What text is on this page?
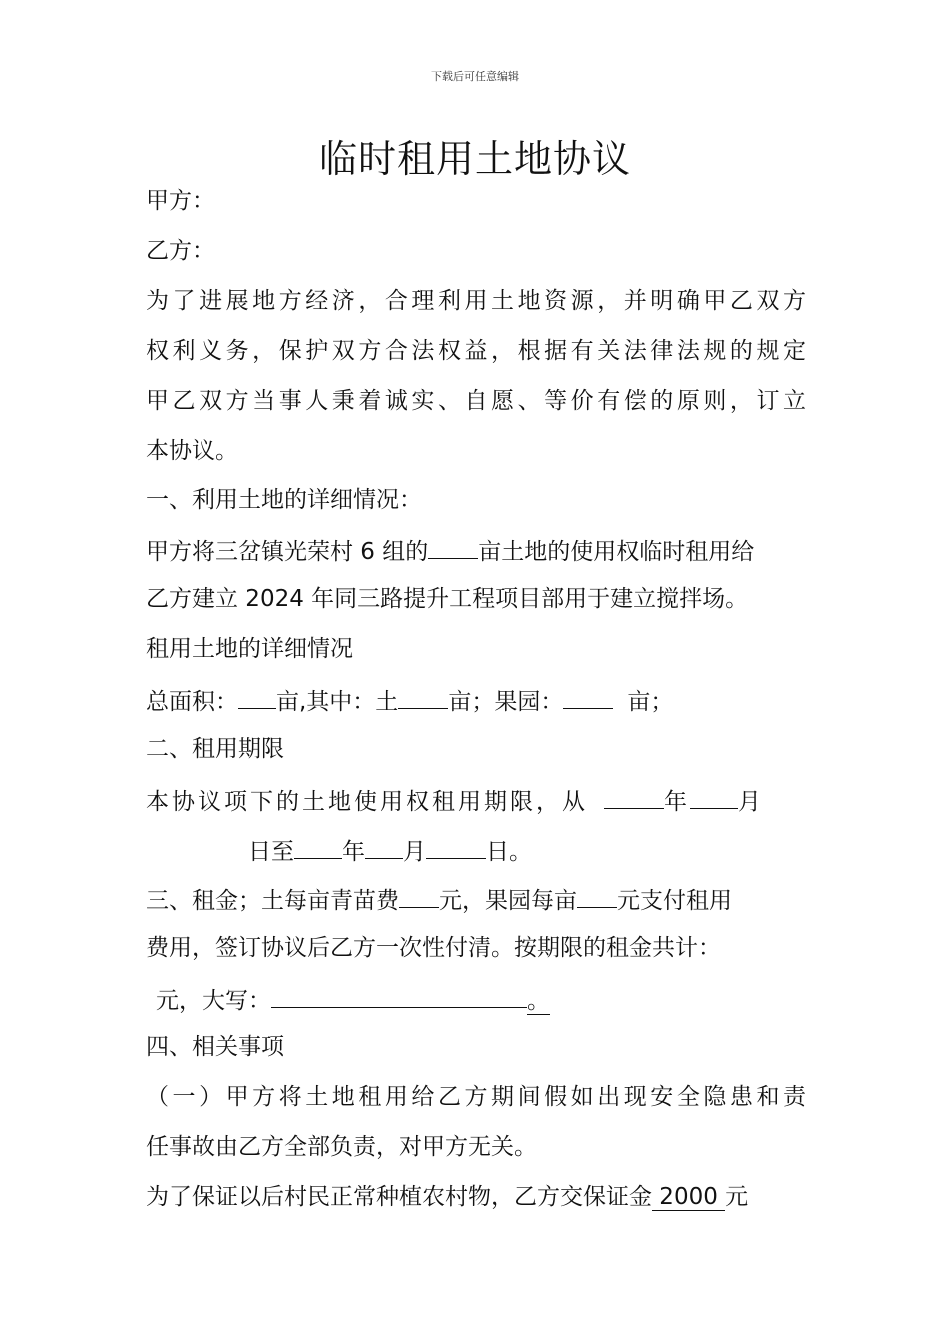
下载后可任意编辑
临时租用土地协议
甲方：
乙方：
为了进展地方经济，合理利用土地资源，并明确甲乙双方
权利义务，保护双方合法权益，根据有关法律法规的规定
甲乙双方当事人秉着诚实、自愿、等价有偿的原则，订立
本协议。
一、利用土地的详细情况：
甲方将三岔镇光荣村 6 组的 亩土地的使用权临时租用给
乙方建立 2024 年同三路提升工程项目部用于建立搅拌场。
租用土地的详细情况
总面积： 亩,其中：土 亩；果园：	亩；
二、租用期限
本协议项下的土地使用权租用期限，从	年 月
日至 年 月	日。
三、租金；土每亩青苗费 元，果园每亩 元支付租用
费用，签订协议后乙方一次性付清。按期限的租金共计：
元，大写：	。
四、相关事项
（一）甲方将土地租用给乙方期间假如出现安全隐患和责
任事故由乙方全部负责，对甲方无关。
为了保证以后村民正常种植农村物，乙方交保证金 2000 元
